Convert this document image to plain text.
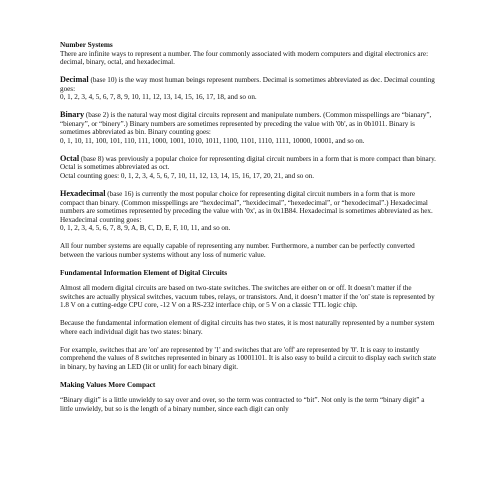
Number Systems

There are infinite ways to represent a number. The four commonly associated with modern computers and digital electronics are: decimal, binary, octal, and hexadecimal.

Decimal (base 10) is the way most human beings represent numbers. Decimal is sometimes abbreviated as dec. Decimal counting goes:
0, 1, 2, 3, 4, 5, 6, 7, 8, 9, 10, 11, 12, 13, 14, 15, 16, 17, 18, and so on.

Binary (base 2) is the natural way most digital circuits represent and manipulate numbers. (Common misspellings are “bianary”, “bienary”, or “binery”.) Binary numbers are sometimes represented by preceding the value with '0b', as in 0b1011. Binary is sometimes abbreviated as bin. Binary counting goes:
0, 1, 10, 11, 100, 101, 110, 111, 1000, 1001, 1010, 1011, 1100, 1101, 1110, 1111, 10000, 10001, and so on.

Octal (base 8) was previously a popular choice for representing digital circuit numbers in a form that is more compact than binary. Octal is sometimes abbreviated as oct.
Octal counting goes: 0, 1, 2, 3, 4, 5, 6, 7, 10, 11, 12, 13, 14, 15, 16, 17, 20, 21, and so on.

Hexadecimal (base 16) is currently the most popular choice for representing digital circuit numbers in a form that is more compact than binary. (Common misspellings are “hexdecimal”, “hexidecimal”, “hexedecimal”, or “hexodecimal”.) Hexadecimal numbers are sometimes represented by preceding the value with '0x', as in 0x1B84. Hexadecimal is sometimes abbreviated as hex. Hexadecimal counting goes:
0, 1, 2, 3, 4, 5, 6, 7, 8, 9, A, B, C, D, E, F, 10, 11, and so on.

All four number systems are equally capable of representing any number. Furthermore, a number can be perfectly converted between the various number systems without any loss of numeric value.

Fundamental Information Element of Digital Circuits

Almost all modern digital circuits are based on two-state switches. The switches are either on or off. It doesn’t matter if the switches are actually physical switches, vacuum tubes, relays, or transistors. And, it doesn’t matter if the 'on' state is represented by 1.8 V on a cutting-edge CPU core, -12 V on a RS-232 interface chip, or 5 V on a classic TTL logic chip.

Because the fundamental information element of digital circuits has two states, it is most naturally represented by a number system where each individual digit has two states: binary.

For example, switches that are 'on' are represented by '1' and switches that are 'off' are represented by '0'. It is easy to instantly comprehend the values of 8 switches represented in binary as 10001101. It is also easy to build a circuit to display each switch state in binary, by having an LED (lit or unlit) for each binary digit.

Making Values More Compact

“Binary digit” is a little unwieldy to say over and over, so the term was contracted to “bit”. Not only is the term “binary digit” a little unwieldy, but so is the length of a binary number, since each digit can only
